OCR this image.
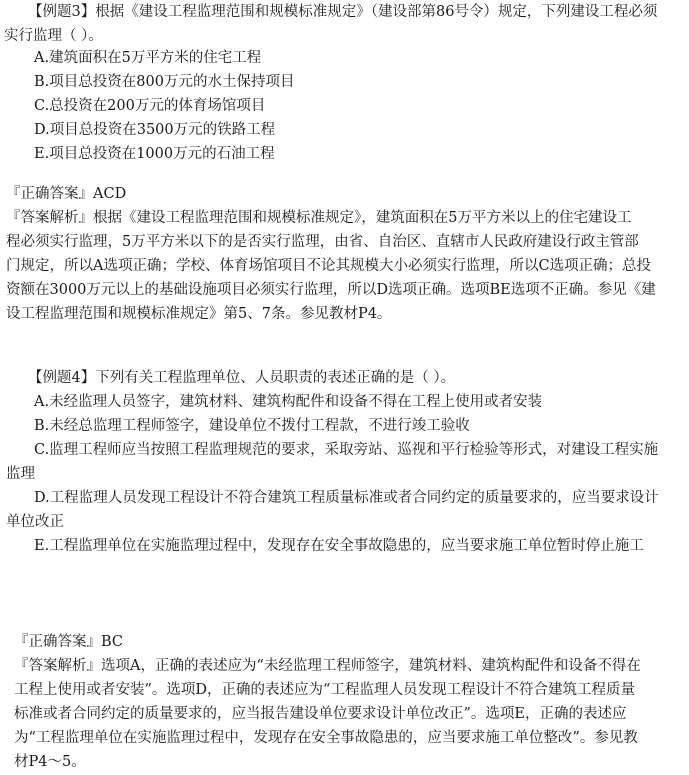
【例题3】根据《建设工程监理范围和规模标准规定》（建设部第86号令）规定，下列建设工程必须

实行监理（ ）。

A.建筑面积在5万平方米的住宅工程

B.项目总投资在800万元的水土保持项目

C.总投资在200万元的体育场馆项目

D.项目总投资在3500万元的铁路工程

E.项目总投资在1000万元的石油工程

『正确答案』ACD

『答案解析』根据《建设工程监理范围和规模标准规定》，建筑面积在5万平方米以上的住宅建设工

程必须实行监理，5万平方米以下的是否实行监理，由省、自治区、直辖市人民政府建设行政主管部

门规定，所以A选项正确；学校、体育场馆项目不论其规模大小必须实行监理，所以C选项正确；总投

资额在3000万元以上的基础设施项目必须实行监理，所以D选项正确。选项BE选项不正确。参见《建

设工程监理范围和规模标准规定》第5、7条。参见教材P4。

【例题4】下列有关工程监理单位、人员职责的表述正确的是（ ）。

A.未经监理人员签字，建筑材料、建筑构配件和设备不得在工程上使用或者安装

B.未经总监理工程师签字，建设单位不拨付工程款，不进行竣工验收

C.监理工程师应当按照工程监理规范的要求，采取旁站、巡视和平行检验等形式，对建设工程实施

监理

D.工程监理人员发现工程设计不符合建筑工程质量标准或者合同约定的质量要求的，应当要求设计

单位改正

E.工程监理单位在实施监理过程中，发现存在安全事故隐患的，应当要求施工单位暂时停止施工

『正确答案』BC

『答案解析』选项A，正确的表述应为“未经监理工程师签字，建筑材料、建筑构配件和设备不得在

工程上使用或者安装”。选项D，正确的表述应为“工程监理人员发现工程设计不符合建筑工程质量

标准或者合同约定的质量要求的，应当报告建设单位要求设计单位改正”。选项E，正确的表述应

为“工程监理单位在实施监理过程中，发现存在安全事故隐患的，应当要求施工单位整改”。参见教

材P4～5。
